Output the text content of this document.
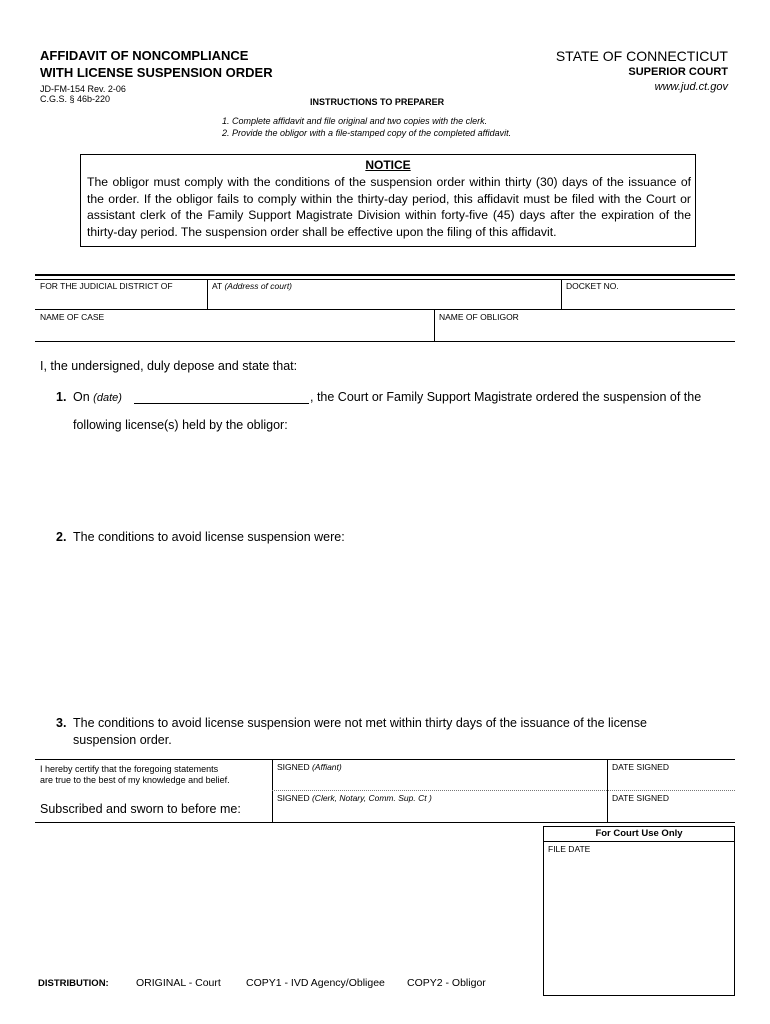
AFFIDAVIT OF NONCOMPLIANCE
WITH LICENSE SUSPENSION ORDER
JD-FM-154 Rev. 2-06
C.G.S. § 46b-220
STATE OF CONNECTICUT
SUPERIOR COURT
www.jud.ct.gov
INSTRUCTIONS TO PREPARER
1. Complete affidavit and file original and two copies with the clerk.
2. Provide the obligor with a file-stamped copy of the completed affidavit.
NOTICE
The obligor must comply with the conditions of the suspension order within thirty (30) days of the issuance of the order. If the obligor fails to comply within the thirty-day period, this affidavit must be filed with the Court or assistant clerk of the Family Support Magistrate Division within forty-five (45) days after the expiration of the thirty-day period. The suspension order shall be effective upon the filing of this affidavit.
FOR THE JUDICIAL DISTRICT OF	AT (Address of court)	DOCKET NO.
NAME OF CASE	NAME OF OBLIGOR
I, the undersigned, duly depose and state that:
1. On (date)	, the Court or Family Support Magistrate ordered the suspension of the
following license(s) held by the obligor:
2. The conditions to avoid license suspension were:
3. The conditions to avoid license suspension were not met within thirty days of the issuance of the license
suspension order.
I hereby certify that the foregoing statements
are true to the best of my knowledge and belief.
SIGNED (Affiant)	DATE SIGNED
Subscribed and sworn to before me:
SIGNED (Clerk, Notary, Comm. Sup. Ct )	DATE SIGNED
For Court Use Only
FILE DATE
DISTRIBUTION:	ORIGINAL - Court COPY1 - IVD Agency/Obligee COPY2 - Obligor
